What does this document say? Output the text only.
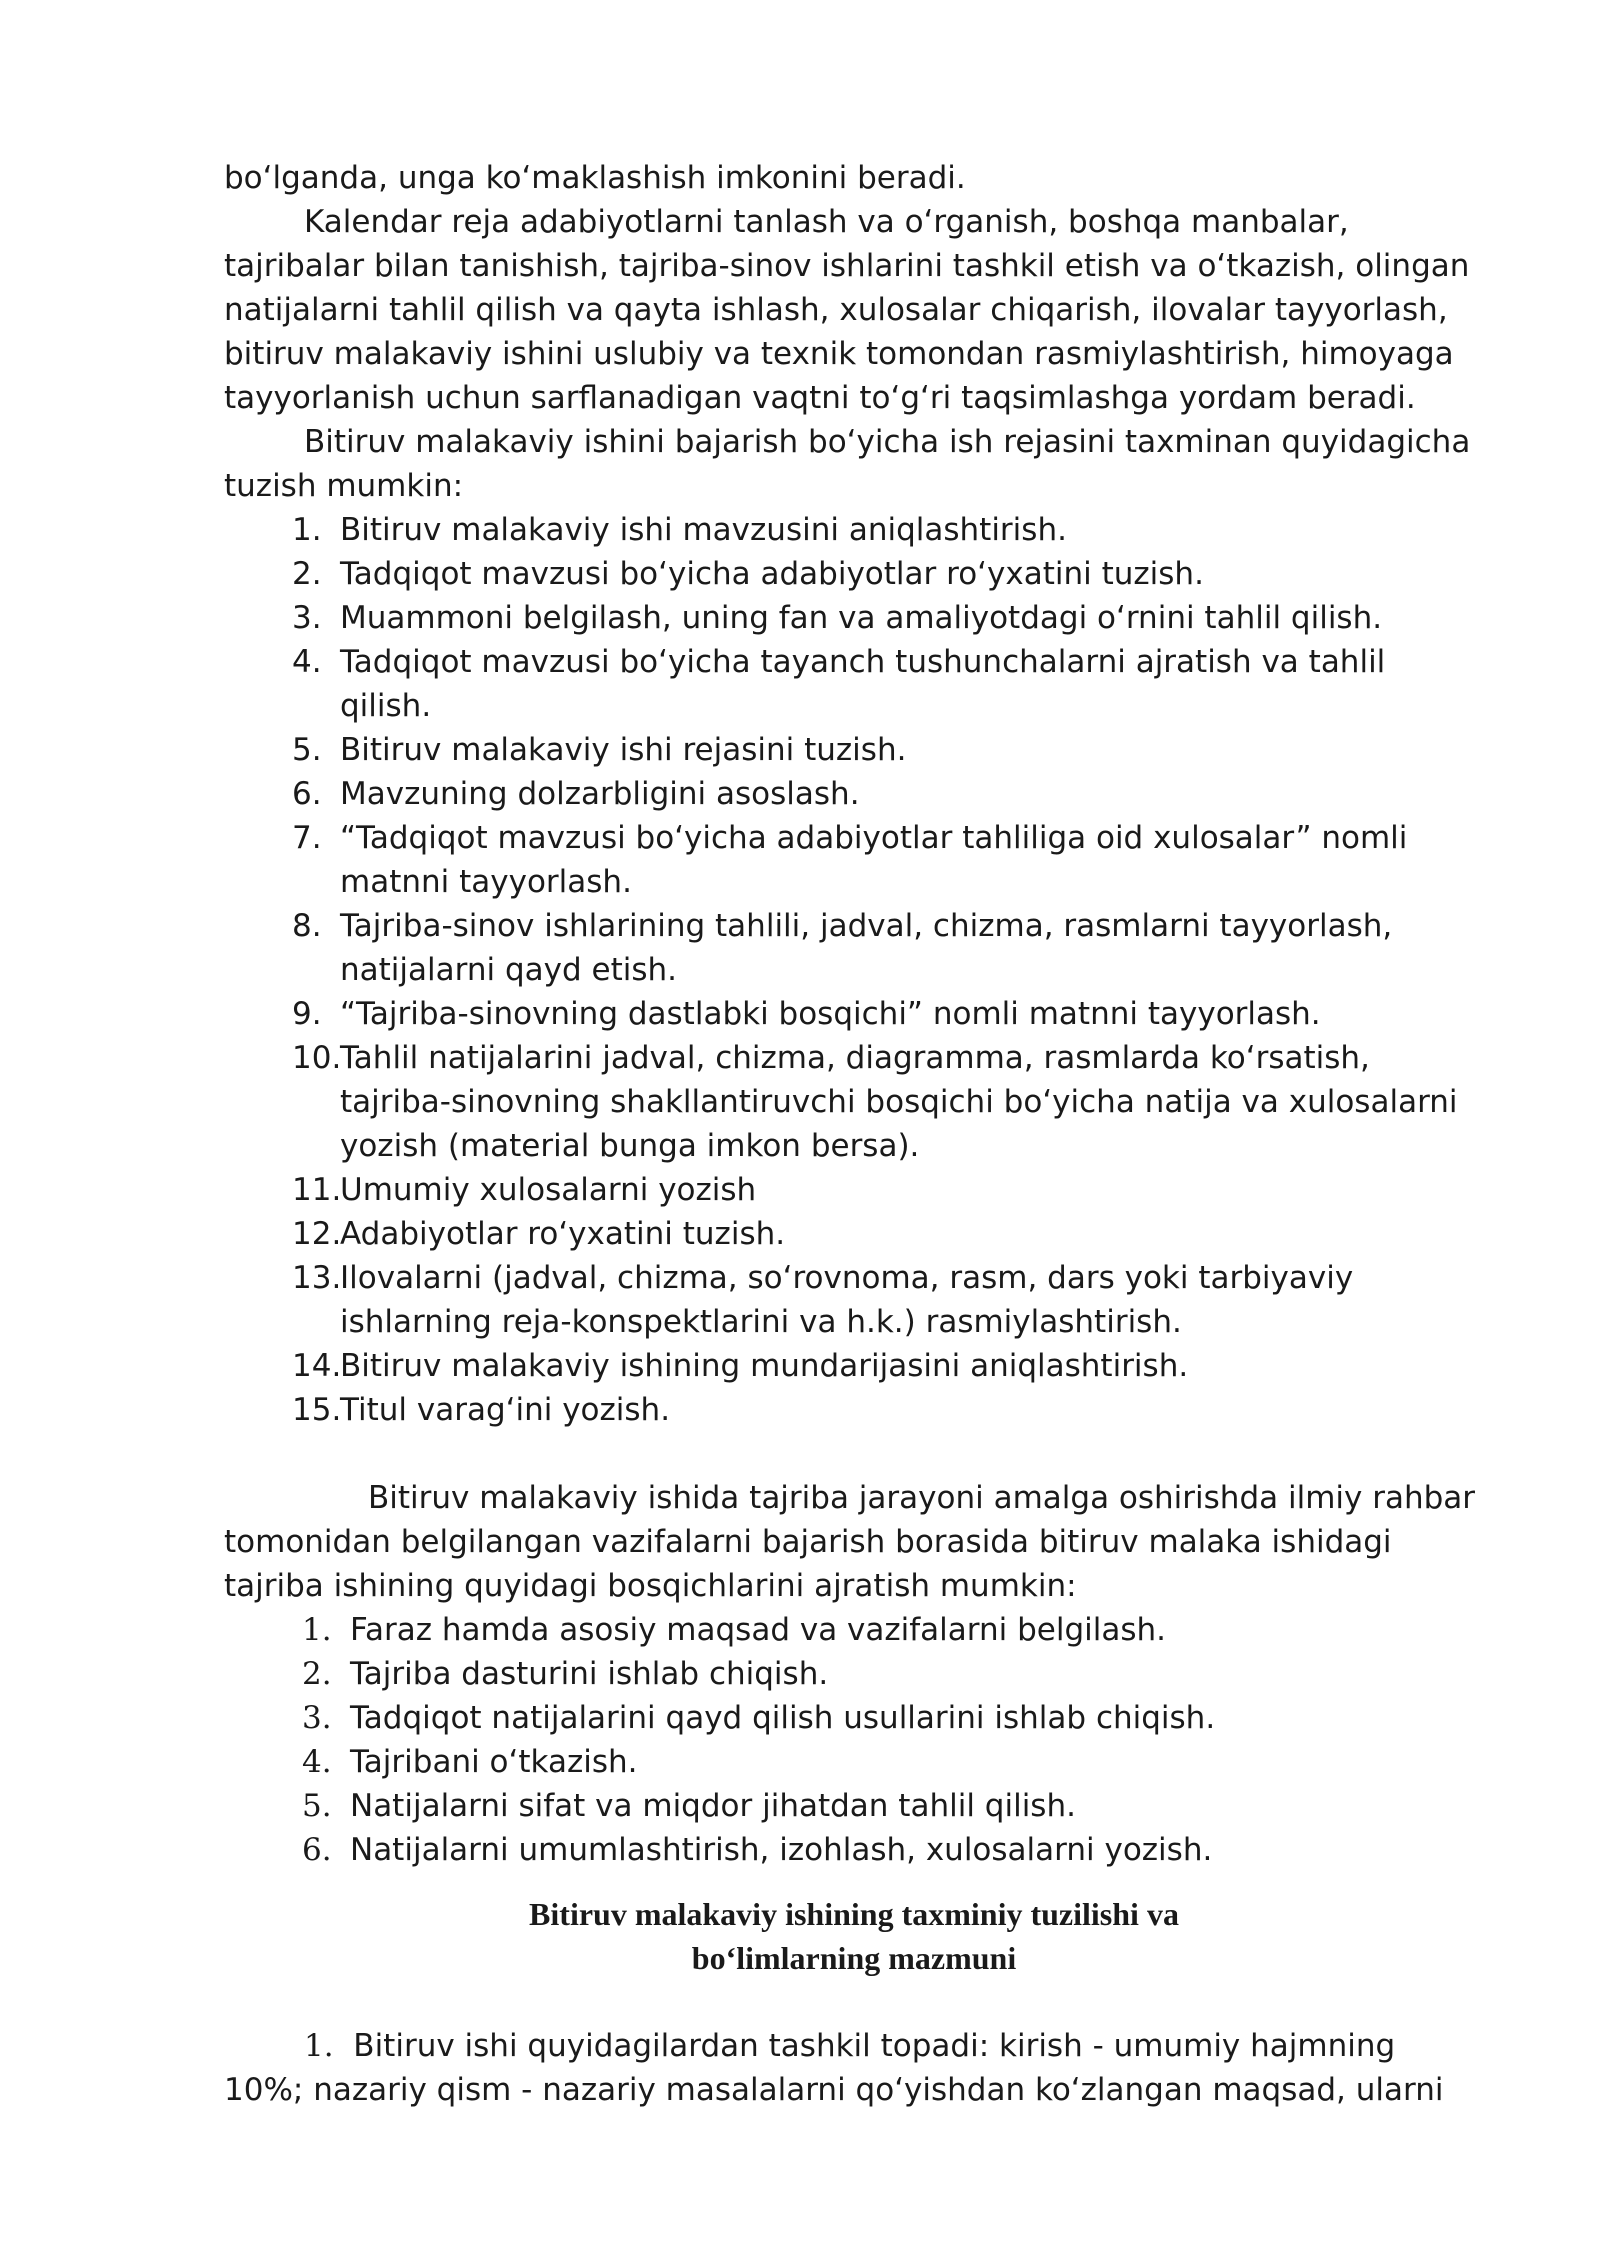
bo‘lganda, unga ko‘maklashish imkonini beradi.

Kalendar reja adabiyotlarni tanlash va o‘rganish, boshqa manbalar, tajribalar bilan tanishish, tajriba-sinov ishlarini tashkil etish va o‘tkazish, olingan natijalarni tahlil qilish va qayta ishlash, xulosalar chiqarish, ilovalar tayyorlash, bitiruv malakaviy ishini uslubiy va texnik tomondan rasmiylashtirish, himoyaga tayyorlanish uchun sarflanadigan vaqtni to‘g‘ri taqsimlashga yordam beradi.

Bitiruv malakaviy ishini bajarish bo‘yicha ish rejasini taxminan quyidagicha tuzish mumkin:

1. Bitiruv malakaviy ishi mavzusini aniqlashtirish.
2. Tadqiqot mavzusi bo‘yicha adabiyotlar ro‘yxatini tuzish.
3. Muammoni belgilash, uning fan va amaliyotdagi o‘rnini tahlil qilish.
4. Tadqiqot mavzusi bo‘yicha tayanch tushunchalarni ajratish va tahlil qilish.
5. Bitiruv malakaviy ishi rejasini tuzish.
6. Mavzuning dolzarbligini asoslash.
7. “Tadqiqot mavzusi bo‘yicha adabiyotlar tahliliga oid xulosalar” nomli matnni tayyorlash.
8. Tajriba-sinov ishlarining tahlili, jadval, chizma, rasmlarni tayyorlash, natijalarni qayd etish.
9. “Tajriba-sinovning dastlabki bosqichi” nomli matnni tayyorlash.
10.
Tahlil natijalarini jadval, chizma, diagramma, rasmlarda ko‘rsatish, tajriba-sinovning shakllantiruvchi bosqichi bo‘yicha natija va xulosalarni yozish (material bunga imkon bersa).
11.
Umumiy xulosalarni yozish
12.
Adabiyotlar ro‘yxatini tuzish.
13.
Ilovalarni (jadval, chizma, so‘rovnoma, rasm, dars yoki tarbiyaviy ishlarning reja-konspektlarini va h.k.) rasmiylashtirish.
14.
Bitiruv malakaviy ishining mundarijasini aniqlashtirish.
15.
Titul varag‘ini yozish.

Bitiruv malakaviy ishida tajriba jarayoni amalga oshirishda ilmiy rahbar tomonidan belgilangan vazifalarni bajarish borasida bitiruv malaka ishidagi tajriba ishining quyidagi bosqichlarini ajratish mumkin:

1. Faraz hamda asosiy maqsad va vazifalarni belgilash.
2. Tajriba dasturini ishlab chiqish.
3. Tadqiqot natijalarini qayd qilish usullarini ishlab chiqish.
4. Tajribani o‘tkazish.
5. Natijalarni sifat va miqdor jihatdan tahlil qilish.
6. Natijalarni umumlashtirish, izohlash, xulosalarni yozish.
Bitiruv malakaviy ishining taxminiy tuzilishi va
bo‘limlarning mazmuni

1. Bitiruv ishi quyidagilardan tashkil topadi: kirish - umumiy hajmning 10%; nazariy qism - nazariy masalalarni qo‘yishdan ko‘zlangan maqsad, ularni
